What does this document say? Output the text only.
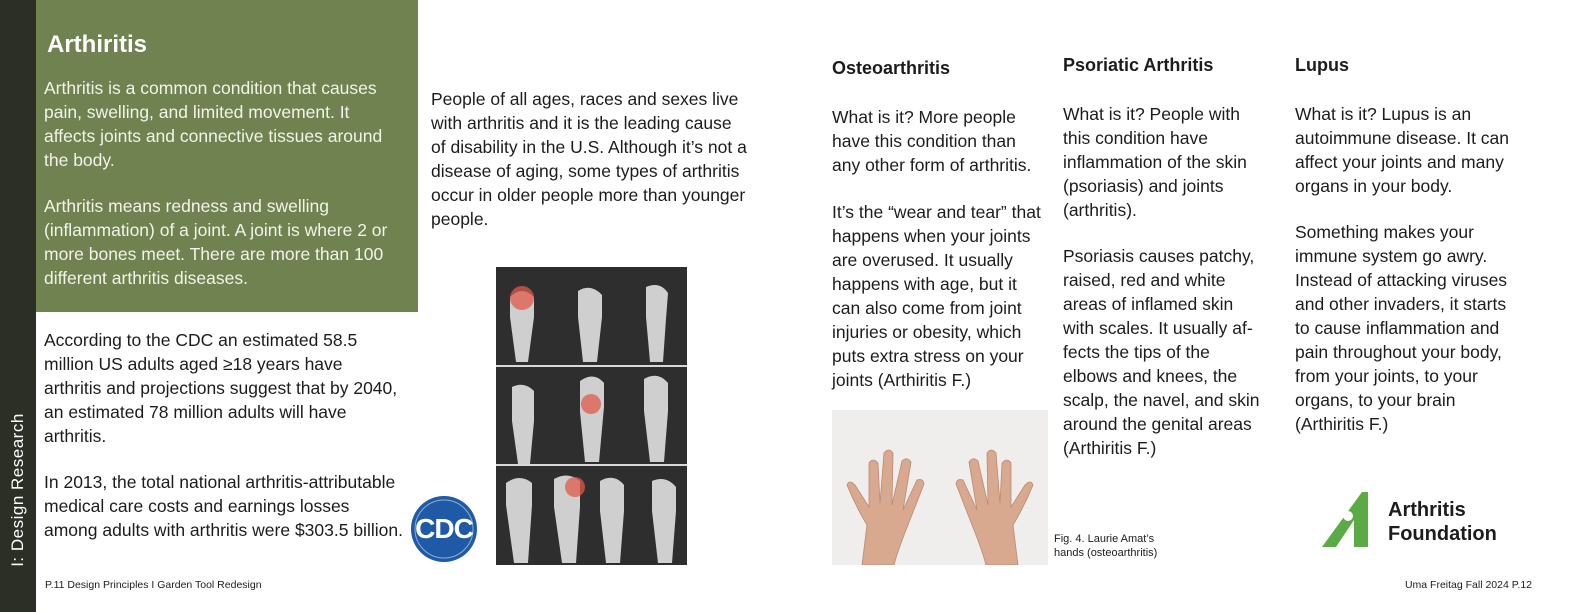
I: Design Research
Arthiritis

Arthritis is a common condition that causes pain, swelling, and limited movement. It affects joints and connective tissues around the body.

Arthritis means redness and swelling (inflammation) of a joint. A joint is where 2 or more bones meet. There are more than 100 different arthritis diseases.

According to the CDC an estimated 58.5 million US adults aged ≥18 years have arthritis and projections suggest that by 2040, an estimated 78 million adults will have arthritis.

In 2013, the total national arthritis-attributable medical care costs and earnings losses among adults with arthritis were $303.5 billion.

People of all ages, races and sexes live with arthritis and it is the leading cause of disability in the U.S. Although it’s not a disease of aging, some types of arthritis occur in older people more than younger people.

CDC
Osteoarthritis

What is it? More people have this condition than any other form of arthritis.

It’s the “wear and tear” that happens when your joints are overused. It usually happens with age, but it can also come from joint injuries or obesity, which puts extra stress on your joints (Arthiritis F.)

Fig. 4. Laurie Amat’s hands (osteoarthritis)
Psoriatic Arthritis

What is it? People with this condition have inflammation of the skin (psoriasis) and joints (arthritis).

Psoriasis causes patchy, raised, red and white areas of inflamed skin with scales. It usually af-fects the tips of the elbows and knees, the scalp, the navel, and skin around the genital areas (Arthiritis F.)

Lupus

What is it? Lupus is an autoimmune disease. It can affect your joints and many organs in your body.

Something makes your immune system go awry. Instead of attacking viruses and other invaders, it starts to cause inflammation and pain throughout your body, from your joints, to your organs, to your brain (Arthiritis F.)

Arthritis
Foundation
P.11 Design Principles I Garden Tool Redesign	Uma Freitag Fall 2024 P.12
